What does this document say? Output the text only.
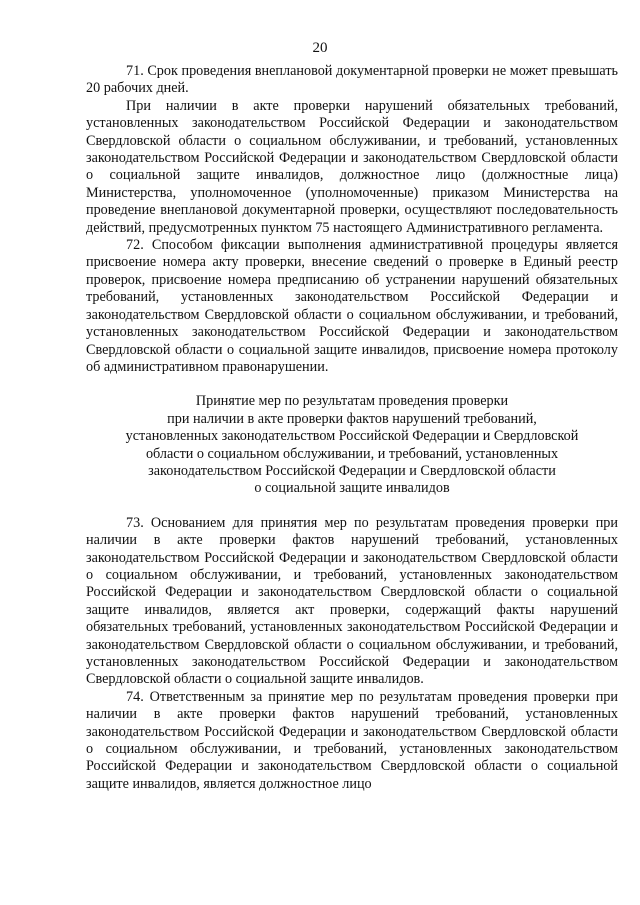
20

71. Срок проведения внеплановой документарной проверки не может превышать 20 рабочих дней.

При наличии в акте проверки нарушений обязательных требований, установленных законодательством Российской Федерации и законодательством Свердловской области о социальном обслуживании, и требований, установленных законодательством Российской Федерации и законодательством Свердловской области о социальной защите инвалидов, должностное лицо (должностные лица) Министерства, уполномоченное (уполномоченные) приказом Министерства на проведение внеплановой документарной проверки, осуществляют последовательность действий, предусмотренных пунктом 75 настоящего Административного регламента.

72. Способом фиксации выполнения административной процедуры является присвоение номера акту проверки, внесение сведений о проверке в Единый реестр проверок, присвоение номера предписанию об устранении нарушений обязательных требований, установленных законодательством Российской Федерации и законодательством Свердловской области о социальном обслуживании, и требований, установленных законодательством Российской Федерации и законодательством Свердловской области о социальной защите инвалидов, присвоение номера протоколу об административном правонарушении.

Принятие мер по результатам проведения проверки
при наличии в акте проверки фактов нарушений требований,
установленных законодательством Российской Федерации и Свердловской
области о социальном обслуживании, и требований, установленных
законодательством Российской Федерации и Свердловской области
о социальной защите инвалидов

73. Основанием для принятия мер по результатам проведения проверки при наличии в акте проверки фактов нарушений требований, установленных законодательством Российской Федерации и законодательством Свердловской области о социальном обслуживании, и требований, установленных законодательством Российской Федерации и законодательством Свердловской области о социальной защите инвалидов, является акт проверки, содержащий факты нарушений обязательных требований, установленных законодательством Российской Федерации и законодательством Свердловской области о социальном обслуживании, и требований, установленных законодательством Российской Федерации и законодательством Свердловской области о социальной защите инвалидов.

74. Ответственным за принятие мер по результатам проведения проверки при наличии в акте проверки фактов нарушений требований, установленных законодательством Российской Федерации и законодательством Свердловской области о социальном обслуживании, и требований, установленных законодательством Российской Федерации и законодательством Свердловской области о социальной защите инвалидов, является должностное лицо
